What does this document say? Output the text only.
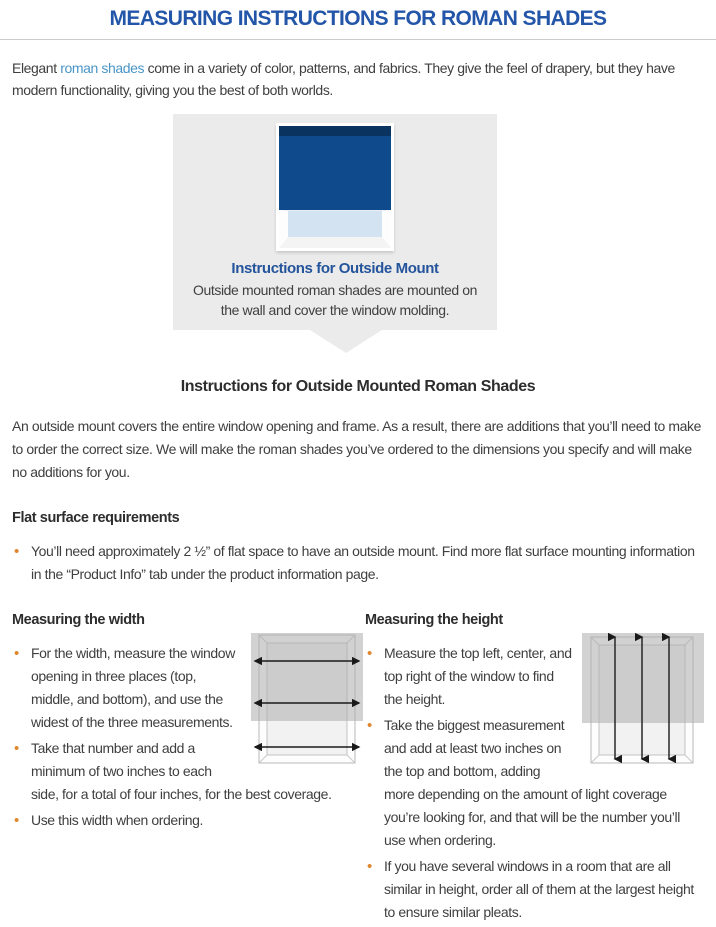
MEASURING INSTRUCTIONS FOR ROMAN SHADES

Elegant roman shades come in a variety of color, patterns, and fabrics. They give the feel of drapery, but they have modern functionality, giving you the best of both worlds.

Instructions for Outside Mount

Outside mounted roman shades are mounted on the wall and cover the window molding.

Instructions for Outside Mounted Roman Shades

An outside mount covers the entire window opening and frame. As a result, there are additions that you’ll need to make to order the correct size. We will make the roman shades you’ve ordered to the dimensions you specify and will make no additions for you.

Flat surface requirements
• You’ll need approximately 2 ½” of flat space to have an outside mount. Find more flat surface mounting information in the “Product Info” tab under the product information page.
Measuring the width
• For the width, measure the window opening in three places (top, middle, and bottom), and use the widest of the three measurements.
• Take that number and add a minimum of two inches to each side, for a total of four inches, for the best coverage.
• Use this width when ordering.
Measuring the height
• Measure the top left, center, and top right of the window to find the height.
• Take the biggest measurement and add at least two inches on the top and bottom, adding more depending on the amount of light coverage you’re looking for, and that will be the number you’ll use when ordering.
• If you have several windows in a room that are all similar in height, order all of them at the largest height to ensure similar pleats.
